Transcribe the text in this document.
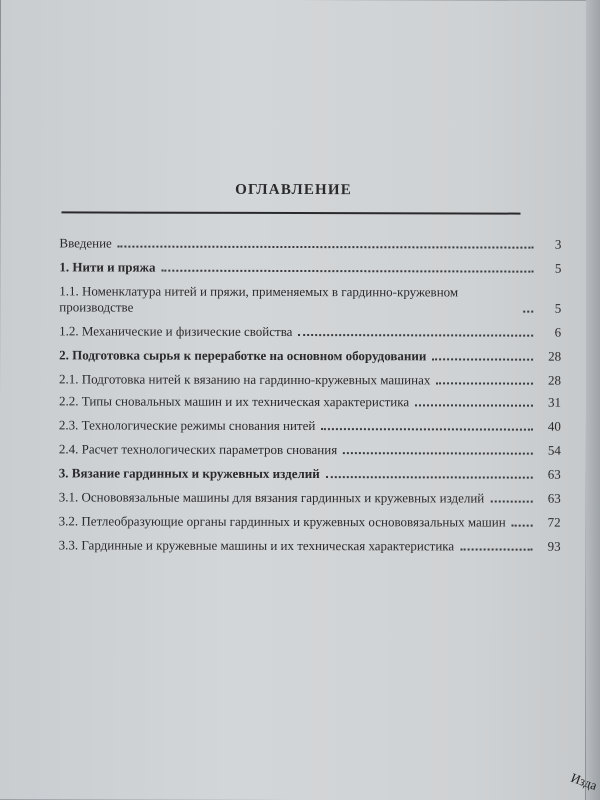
ОГЛАВЛЕНИЕ
Введение	3
1. Нити и пряжа	5
1.1. Номенклатура нитей и пряжи, применяемых в гардинно-кружевном производстве	5
1.2. Механические и физические свойства	6
2. Подготовка сырья к переработке на основном оборудовании	28
2.1. Подготовка нитей к вязанию на гардинно-кружевных машинах	28
2.2. Типы сновальных машин и их техническая характеристика	31
2.3. Технологические режимы снования нитей	40
2.4. Расчет технологических параметров снования	54
3. Вязание гардинных и кружевных изделий	63
3.1. Основовязальные машины для вязания гардинных и кружевных изделий	63
3.2. Петлеобразующие органы гардинных и кружевных основовязальных машин	72
3.3. Гардинные и кружевные машины и их техническая характеристика	93
Изда
